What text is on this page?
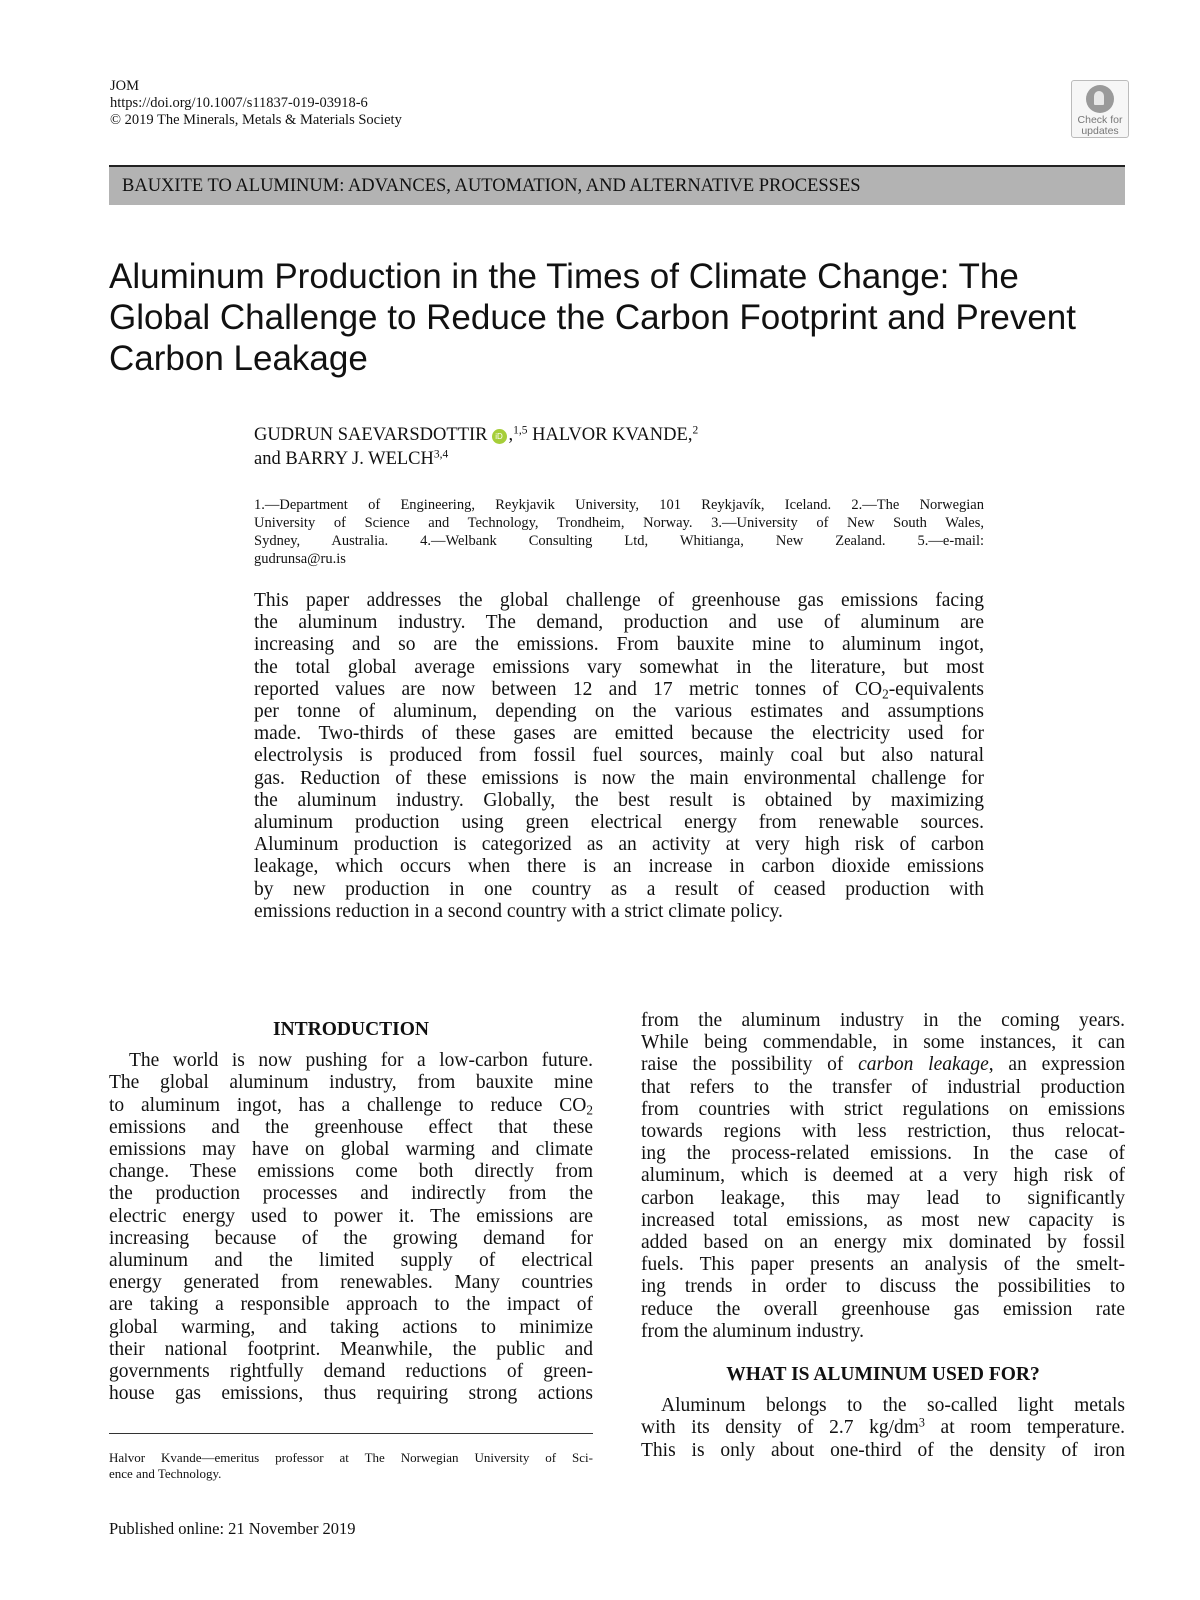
JOM
https://doi.org/10.1007/s11837-019-03918-6
© 2019 The Minerals, Metals & Materials Society	Check for
updates
BAUXITE TO ALUMINUM: ADVANCES, AUTOMATION, AND ALTERNATIVE PROCESSES
Aluminum Production in the Times of Climate Change: The
Global Challenge to Reduce the Carbon Footprint and Prevent
Carbon Leakage
GUDRUN SAEVARSDOTTIR iD ,$^{1,5}$ HALVOR KVANDE,$^2$
and BARRY J. WELCH$^{3,4}$
1.—Department of Engineering, Reykjavik University, 101 Reykjavík, Iceland. 2.—The Norwegian
University of Science and Technology, Trondheim, Norway. 3.—University of New South Wales,
Sydney, Australia. 4.—Welbank Consulting Ltd, Whitianga, New Zealand. 5.—e-mail:
gudrunsa@ru.is
This paper addresses the global challenge of greenhouse gas emissions facing
the aluminum industry. The demand, production and use of aluminum are
increasing and so are the emissions. From bauxite mine to aluminum ingot,
the total global average emissions vary somewhat in the literature, but most
reported values are now between 12 and 17 metric tonnes of $CO_2$-equivalents
per tonne of aluminum, depending on the various estimates and assumptions
made. Two-thirds of these gases are emitted because the electricity used for
electrolysis is produced from fossil fuel sources, mainly coal but also natural
gas. Reduction of these emissions is now the main environmental challenge for
the aluminum industry. Globally, the best result is obtained by maximizing
aluminum production using green electrical energy from renewable sources.
Aluminum production is categorized as an activity at very high risk of carbon
leakage, which occurs when there is an increase in carbon dioxide emissions
by new production in one country as a result of ceased production with
emissions reduction in a second country with a strict climate policy.
INTRODUCTION
The world is now pushing for a low-carbon future.
The global aluminum industry, from bauxite mine
to aluminum ingot, has a challenge to reduce $CO_2$
emissions and the greenhouse effect that these
emissions may have on global warming and climate
change. These emissions come both directly from
the production processes and indirectly from the
electric energy used to power it. The emissions are
increasing because of the growing demand for
aluminum and the limited supply of electrical
energy generated from renewables. Many countries
are taking a responsible approach to the impact of
global warming, and taking actions to minimize
their national footprint. Meanwhile, the public and
governments rightfully demand reductions of green-
house gas emissions, thus requiring strong actions
from the aluminum industry in the coming years.
While being commendable, in some instances, it can
raise the possibility of carbon leakage, an expression
that refers to the transfer of industrial production
from countries with strict regulations on emissions
towards regions with less restriction, thus relocat-
ing the process-related emissions. In the case of
aluminum, which is deemed at a very high risk of
carbon leakage, this may lead to significantly
increased total emissions, as most new capacity is
added based on an energy mix dominated by fossil
fuels. This paper presents an analysis of the smelt-
ing trends in order to discuss the possibilities to
reduce the overall greenhouse gas emission rate
from the aluminum industry.
WHAT IS ALUMINUM USED FOR?
Aluminum belongs to the so-called light metals
with its density of 2.7 $kg/dm^3$ at room temperature.
This is only about one-third of the density of iron
Halvor Kvande—emeritus professor at The Norwegian University of Sci-
ence and Technology.
Published online: 21 November 2019
